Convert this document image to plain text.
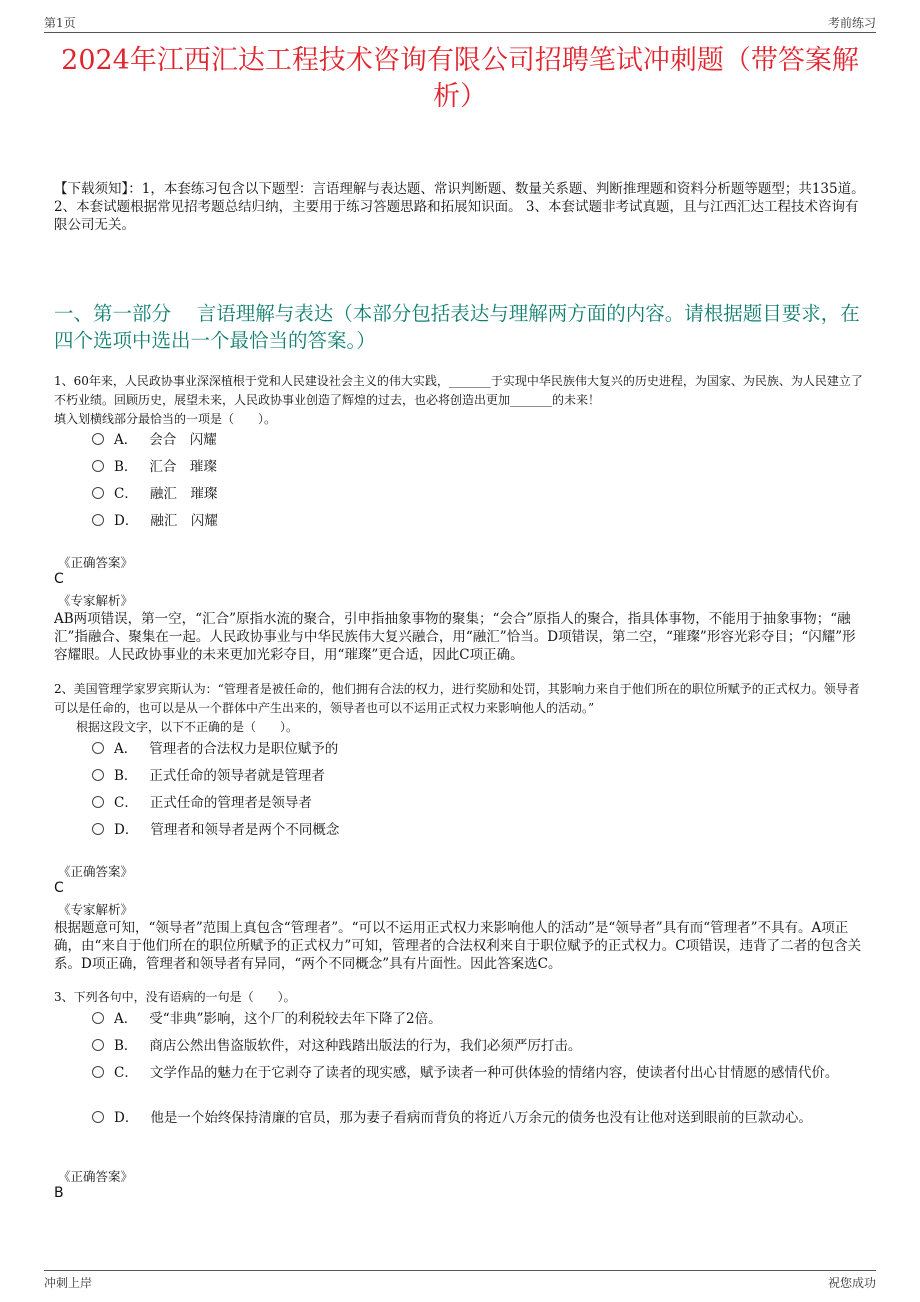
第1页	考前练习
2024年江西汇达工程技术咨询有限公司招聘笔试冲刺题（带答案解析）
【下载须知】：1，本套练习包含以下题型：言语理解与表达题、常识判断题、数量关系题、判断推理题和资料分析题等题型；共135道。 2、本套试题根据常见招考题总结归纳，主要用于练习答题思路和拓展知识面。 3、本套试题非考试真题，且与江西汇达工程技术咨询有限公司无关。
一、第一部分　 言语理解与表达（本部分包括表达与理解两方面的内容。请根据题目要求，在四个选项中选出一个最恰当的答案。）
1、60年来，人民政协事业深深植根于党和人民建设社会主义的伟大实践，_______于实现中华民族伟大复兴的历史进程，为国家、为民族、为人民建立了不朽业绩。回顾历史，展望未来，人民政协事业创造了辉煌的过去，也必将创造出更加_______的未来！
填入划横线部分最恰当的一项是（　　）。
A． 会合　闪耀
B． 汇合　璀璨
C． 融汇　璀璨
D． 融汇　闪耀
《正确答案》
C
《专家解析》
AB两项错误，第一空，“汇合”原指水流的聚合，引申指抽象事物的聚集；“会合”原指人的聚合，指具体事物，不能用于抽象事物；“融汇”指融合、聚集在一起。人民政协事业与中华民族伟大复兴融合，用“融汇”恰当。D项错误，第二空，“璀璨”形容光彩夺目；“闪耀”形容耀眼。人民政协事业的未来更加光彩夺目，用“璀璨”更合适，因此C项正确。
2、美国管理学家罗宾斯认为：“管理者是被任命的，他们拥有合法的权力，进行奖励和处罚，其影响力来自于他们所在的职位所赋予的正式权力。领导者可以是任命的，也可以是从一个群体中产生出来的，领导者也可以不运用正式权力来影响他人的活动。”
根据这段文字，以下不正确的是（　　）。
A． 管理者的合法权力是职位赋予的
B． 正式任命的领导者就是管理者
C． 正式任命的管理者是领导者
D． 管理者和领导者是两个不同概念
《正确答案》
C
《专家解析》
根据题意可知，“领导者”范围上真包含“管理者”。“可以不运用正式权力来影响他人的活动”是“领导者”具有而“管理者”不具有。A项正确，由“来自于他们所在的职位所赋予的正式权力”可知，管理者的合法权利来自于职位赋予的正式权力。C项错误，违背了二者的包含关系。D项正确，管理者和领导者有异同，“两个不同概念”具有片面性。因此答案选C。
3、下列各句中，没有语病的一句是（　　）。
A． 受“非典”影响，这个厂的利税较去年下降了2倍。
B． 商店公然出售盗版软件，对这种践踏出版法的行为，我们必须严厉打击。
C． 文学作品的魅力在于它剥夺了读者的现实感，赋予读者一种可供体验的情绪内容，使读者付出心甘情愿的感情代价。
D． 他是一个始终保持清廉的官员，那为妻子看病而背负的将近八万余元的债务也没有让他对送到眼前的巨款动心。
《正确答案》
B
冲刺上岸	祝您成功
